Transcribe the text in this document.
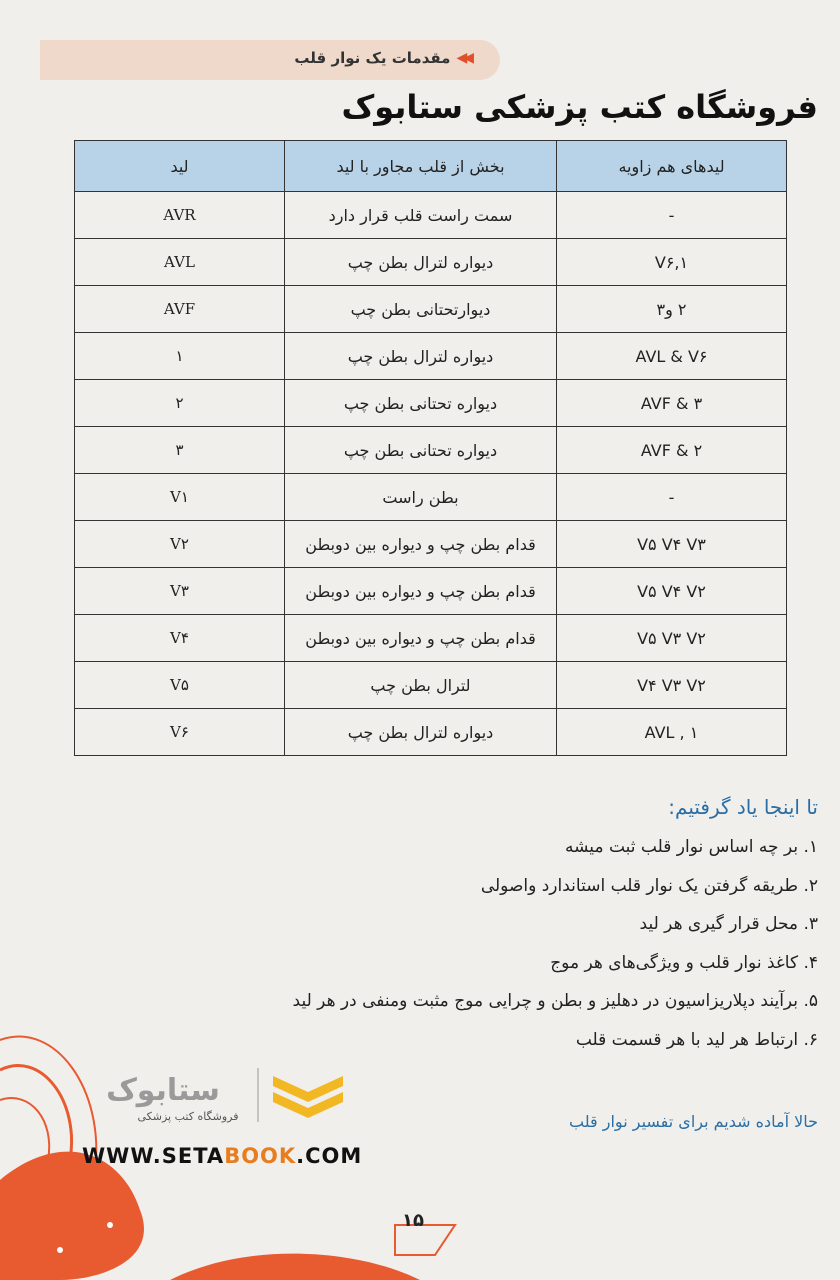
◀◀
مقدمات یک نوار قلب
فروشگاه کتب پزشکی ستابوک
لیدهای هم زاویه	بخش از قلب مجاور با لید	لید
-	سمت راست قلب قرار دارد	AVR
V۶,۱	دیواره لترال بطن چپ	AVL
۲ و۳	دیوارتحتانی بطن چپ	AVF
AVL & V۶	دیواره لترال بطن چپ	۱
AVF & ۳	دیواره تحتانی بطن چپ	۲
AVF & ۲	دیواره تحتانی بطن چپ	۳
-	بطن راست	V۱
V۵ V۴ V۳	قدام بطن چپ و دیواره بین دوبطن	V۲
V۵ V۴ V۲	قدام بطن چپ و دیواره بین دوبطن	V۳
V۵ V۳ V۲	قدام بطن چپ و دیواره بین دوبطن	V۴
V۴ V۳ V۲	لترال بطن چپ	V۵
۱ , AVL	دیواره لترال بطن چپ	V۶
تا اینجا یاد گرفتیم:
۱. بر چه اساس نوار قلب ثبت میشه
۲. طریقه گرفتن یک نوار قلب استاندارد واصولی
۳. محل قرار گیری هر لید
۴. کاغذ نوار قلب و ویژگی‌های هر موج
۵. برآیند دپلاریزاسیون در دهلیز و بطن و چرایی موج مثبت ومنفی در هر لید
۶. ارتباط هر لید با هر قسمت قلب
حالا آماده شدیم برای تفسیر نوار قلب
۱۵
ستابوک
فروشگاه کتب پزشکی
WWW.SETABOOK.COM
